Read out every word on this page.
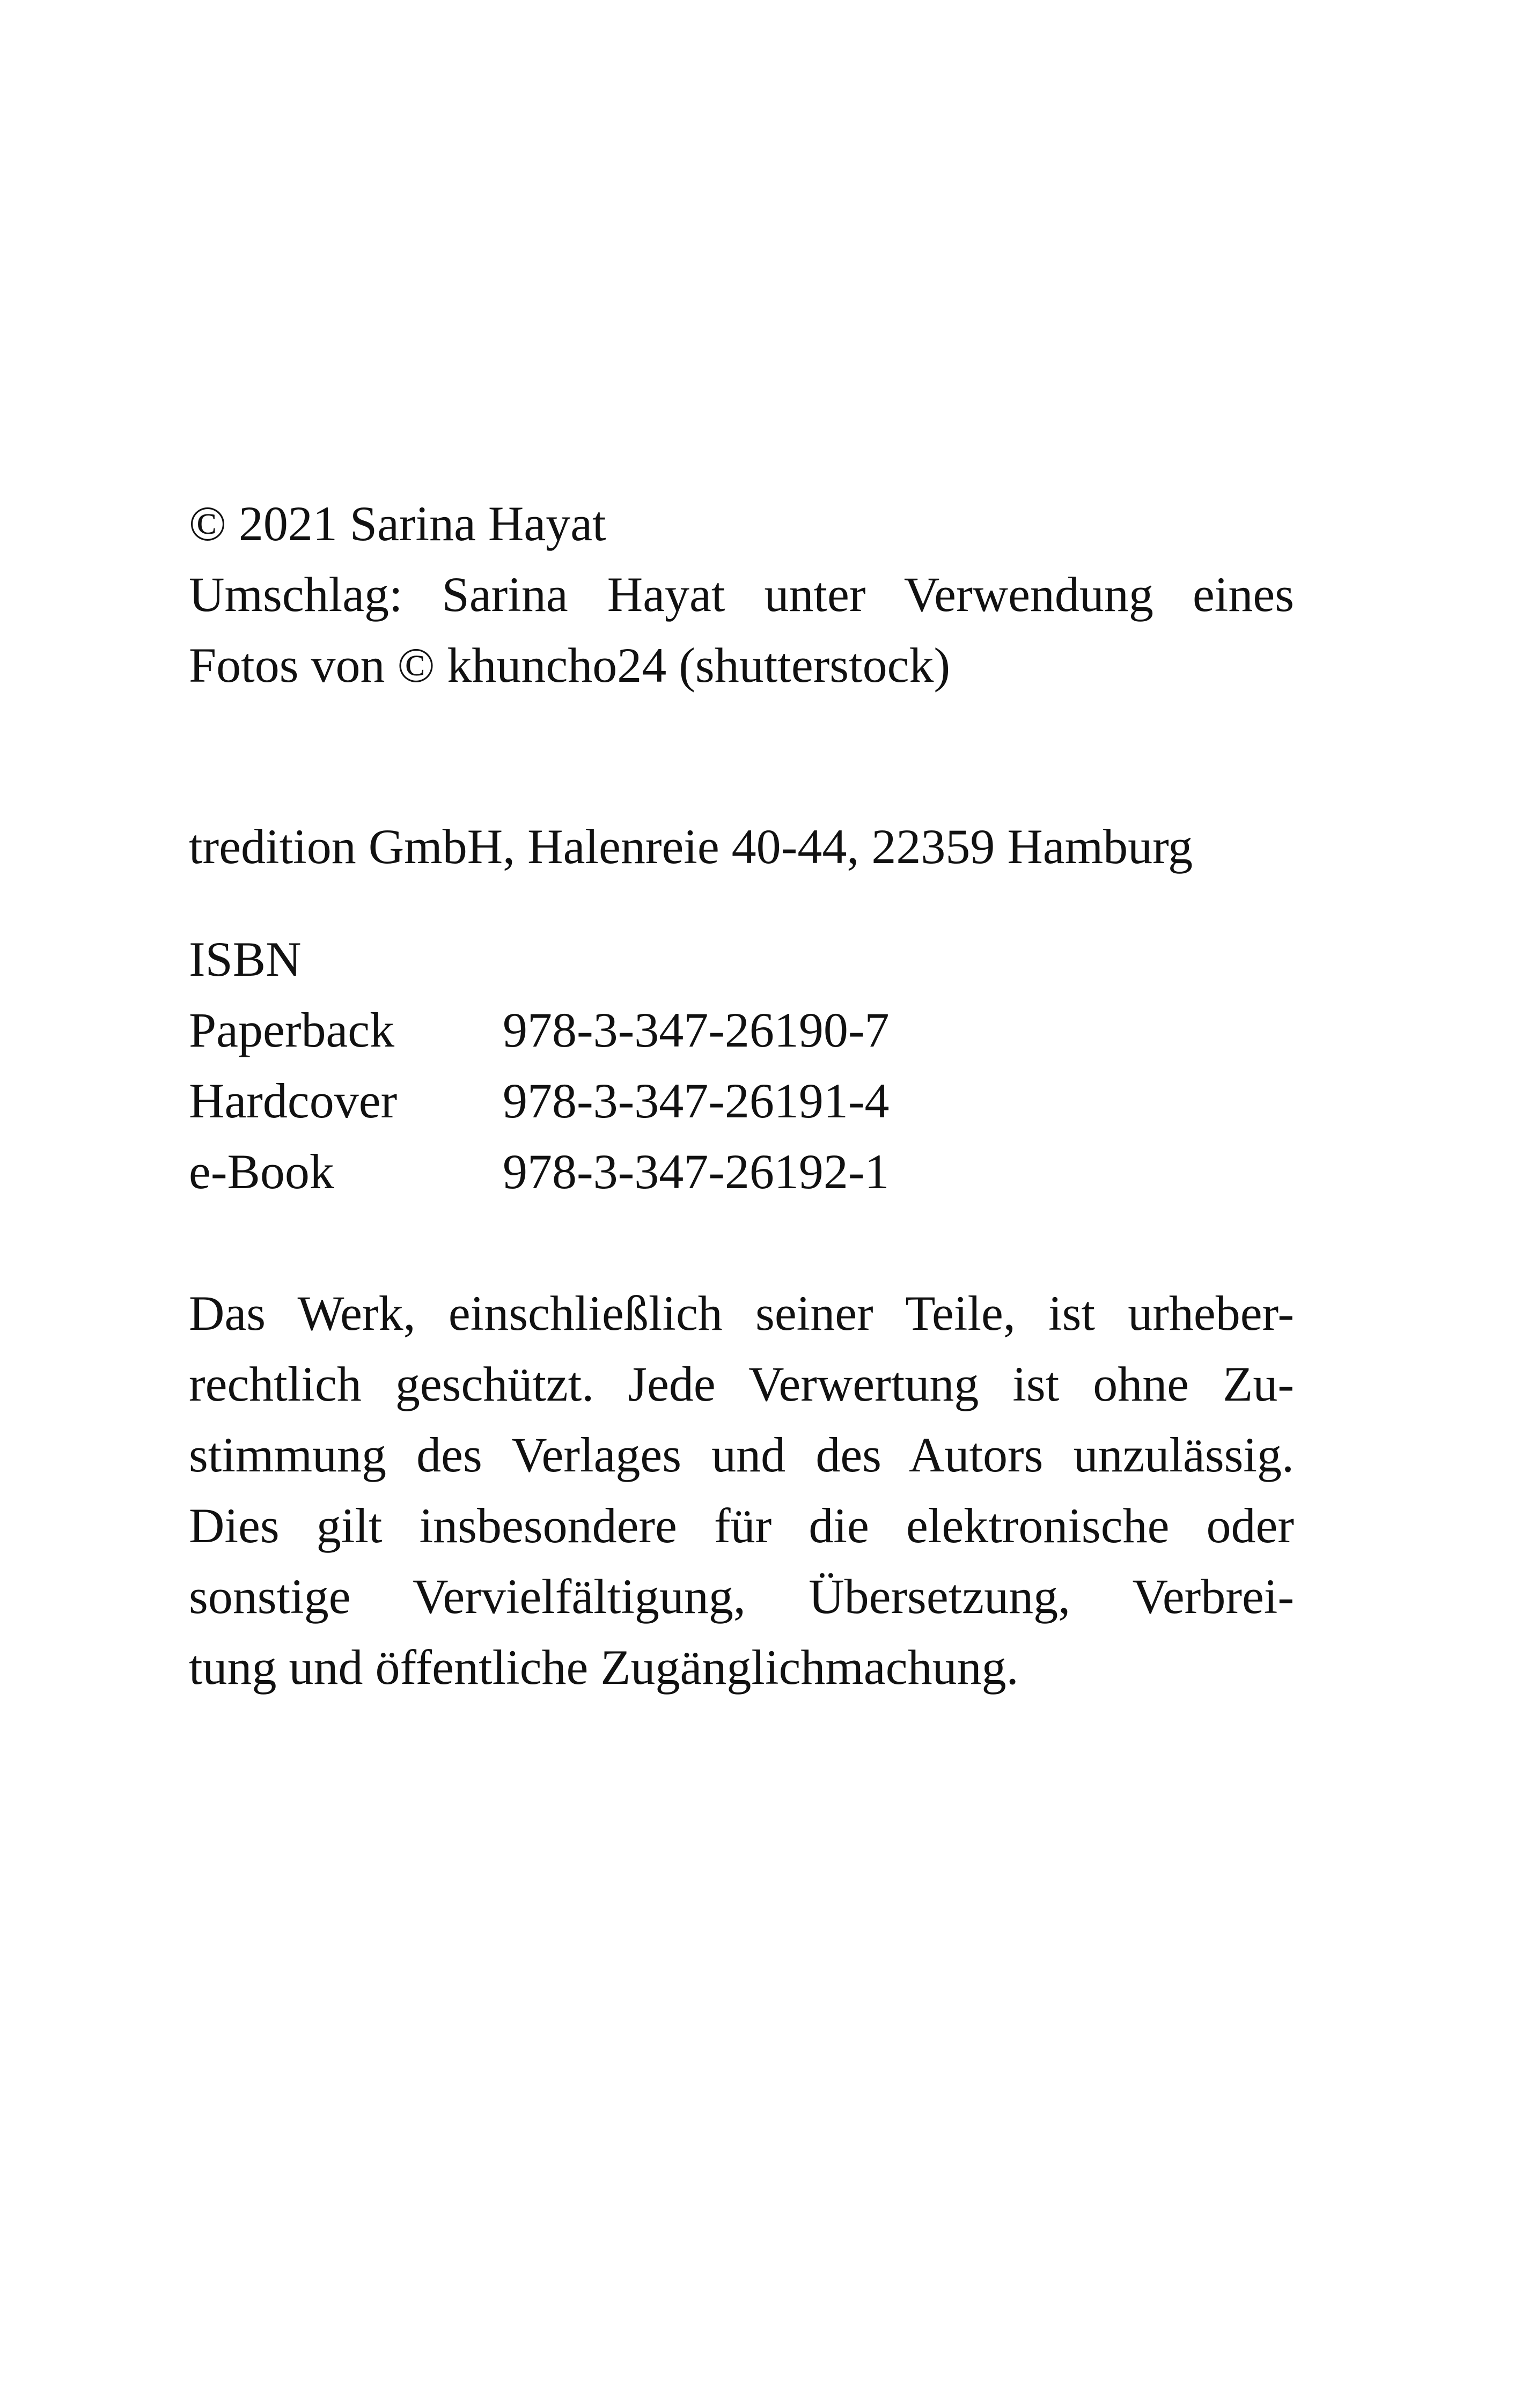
© 2021 Sarina Hayat
Umschlag: Sarina Hayat unter Verwendung eines
Fotos von © khuncho24 (shutterstock)
tredition GmbH, Halenreie 40-44, 22359 Hamburg
ISBN
Paperback	978-3-347-26190-7
Hardcover	978-3-347-26191-4
e-Book	978-3-347-26192-1
Das Werk, einschließlich seiner Teile, ist urheber-
rechtlich geschützt. Jede Verwertung ist ohne Zu-
stimmung des Verlages und des Autors unzulässig.
Dies gilt insbesondere für die elektronische oder
sonstige Vervielfältigung, Übersetzung, Verbrei-
tung und öffentliche Zugänglichmachung.
